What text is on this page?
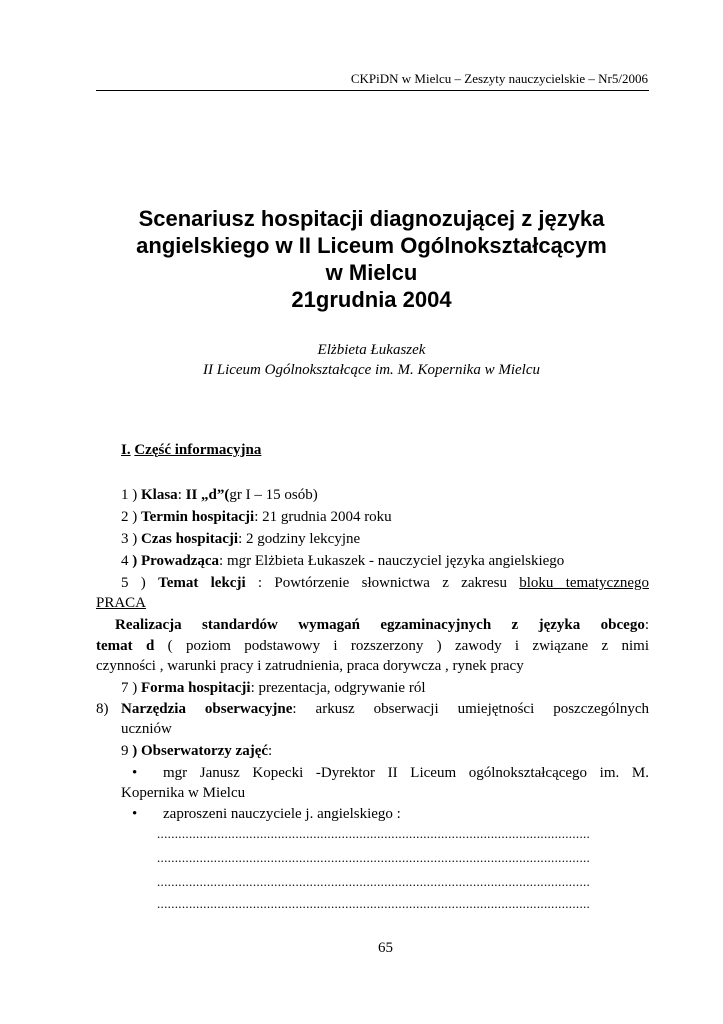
CKPiDN w Mielcu – Zeszyty nauczycielskie – Nr5/2006
Scenariusz hospitacji diagnozującej z języka
angielskiego w II Liceum Ogólnokształcącym
w Mielcu
21grudnia 2004
Elżbieta Łukaszek
II Liceum Ogólnokształcące im. M. Kopernika w Mielcu
I. Część informacyjna
1 ) Klasa: II „d”(gr I – 15 osób)
2 ) Termin hospitacji: 21 grudnia 2004 roku
3 ) Czas hospitacji: 2 godziny lekcyjne
4 ) Prowadząca: mgr Elżbieta Łukaszek - nauczyciel języka angielskiego
5 ) Temat lekcji : Powtórzenie słownictwa z zakresu bloku tematycznego
PRACA
Realizacja standardów wymagań egzaminacyjnych z języka obcego:
temat d ( poziom podstawowy i rozszerzony ) zawody i związane z nimi
czynności , warunki pracy i zatrudnienia, praca dorywcza , rynek pracy
7 ) Forma hospitacji: prezentacja, odgrywanie ról
8) Narzędzia obserwacyjne: arkusz obserwacji umiejętności poszczególnych
uczniów
9 ) Obserwatorzy zajęć:
• mgr Janusz Kopecki -Dyrektor II Liceum ogólnokształcącego im. M.
Kopernika w Mielcu
• zaproszeni nauczyciele j. angielskiego :
..........................................................................................................................
..........................................................................................................................
..........................................................................................................................
..........................................................................................................................
65
